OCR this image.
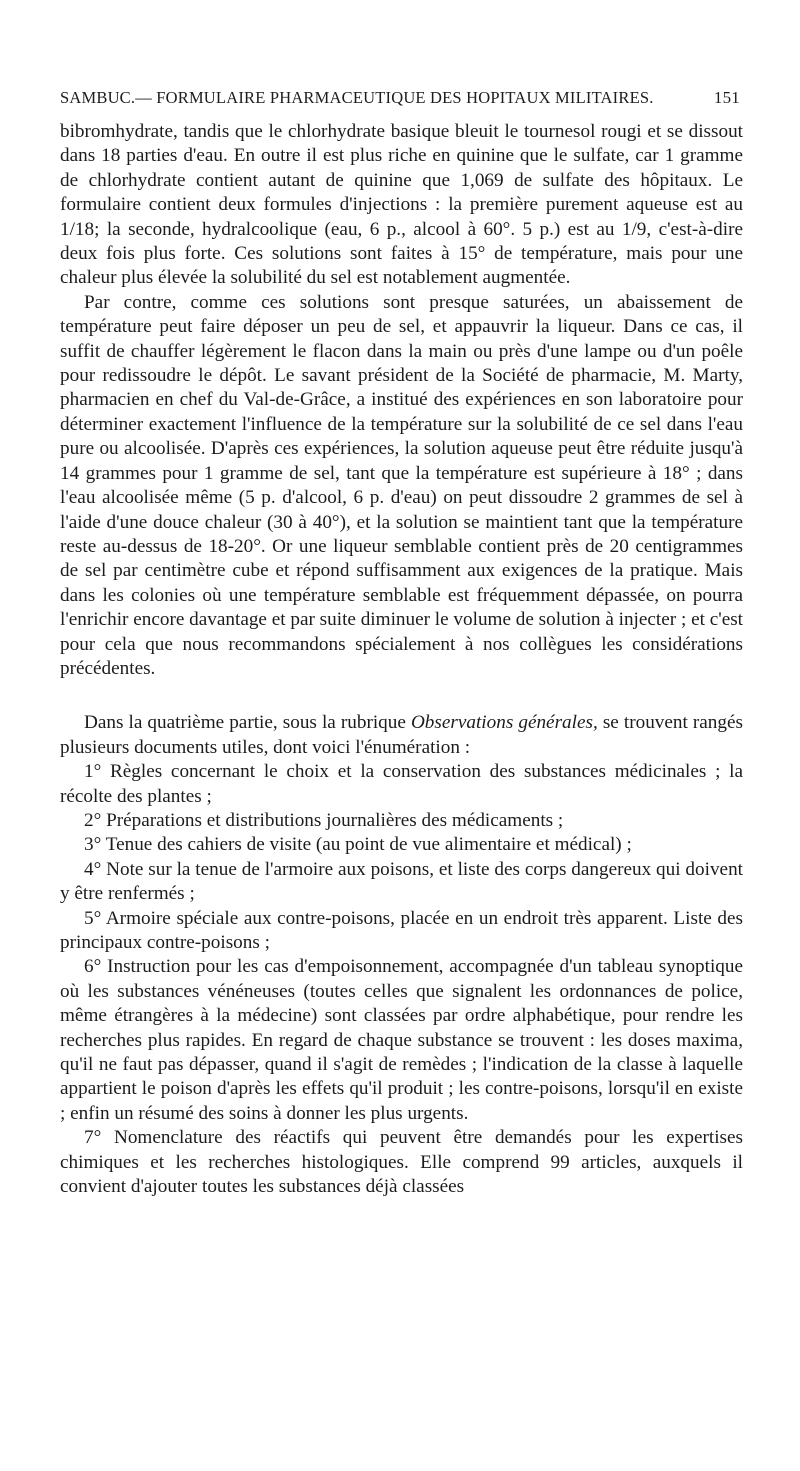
SAMBUC.— FORMULAIRE PHARMACEUTIQUE DES HOPITAUX MILITAIRES.	151

bibromhydrate, tandis que le chlorhydrate basique bleuit le tournesol rougi et se dissout dans 18 parties d'eau. En outre il est plus riche en quinine que le sulfate, car 1 gramme de chlorhydrate contient autant de quinine que 1,069 de sulfate des hôpitaux. Le formulaire contient deux formules d'injections : la première purement aqueuse est au 1/18; la seconde, hydralcoolique (eau, 6 p., alcool à 60°. 5 p.) est au 1/9, c'est-à-dire deux fois plus forte. Ces solutions sont faites à 15° de température, mais pour une chaleur plus élevée la solubilité du sel est notablement augmentée.

Par contre, comme ces solutions sont presque saturées, un abaissement de température peut faire déposer un peu de sel, et appauvrir la liqueur. Dans ce cas, il suffit de chauffer légèrement le flacon dans la main ou près d'une lampe ou d'un poêle pour redissoudre le dépôt. Le savant président de la Société de pharmacie, M. Marty, pharmacien en chef du Val-de-Grâce, a institué des expériences en son laboratoire pour déterminer exactement l'influence de la température sur la solubilité de ce sel dans l'eau pure ou alcoolisée. D'après ces expériences, la solution aqueuse peut être réduite jusqu'à 14 grammes pour 1 gramme de sel, tant que la température est supérieure à 18° ; dans l'eau alcoolisée même (5 p. d'alcool, 6 p. d'eau) on peut dissoudre 2 grammes de sel à l'aide d'une douce chaleur (30 à 40°), et la solution se maintient tant que la température reste au-dessus de 18-20°. Or une liqueur semblable contient près de 20 centigrammes de sel par centimètre cube et répond suffisamment aux exigences de la pratique. Mais dans les colonies où une température semblable est fréquemment dépassée, on pourra l'enrichir encore davantage et par suite diminuer le volume de solution à injecter ; et c'est pour cela que nous recommandons spécialement à nos collègues les considérations précédentes.

Dans la quatrième partie, sous la rubrique Observations générales, se trouvent rangés plusieurs documents utiles, dont voici l'énumération :

1° Règles concernant le choix et la conservation des substances médicinales ; la récolte des plantes ;

2° Préparations et distributions journalières des médicaments ;

3° Tenue des cahiers de visite (au point de vue alimentaire et médical) ;

4° Note sur la tenue de l'armoire aux poisons, et liste des corps dangereux qui doivent y être renfermés ;

5° Armoire spéciale aux contre-poisons, placée en un endroit très apparent. Liste des principaux contre-poisons ;

6° Instruction pour les cas d'empoisonnement, accompagnée d'un tableau synoptique où les substances vénéneuses (toutes celles que signalent les ordonnances de police, même étrangères à la médecine) sont classées par ordre alphabétique, pour rendre les recherches plus rapides. En regard de chaque substance se trouvent : les doses maxima, qu'il ne faut pas dépasser, quand il s'agit de remèdes ; l'indication de la classe à laquelle appartient le poison d'après les effets qu'il produit ; les contre-poisons, lorsqu'il en existe ; enfin un résumé des soins à donner les plus urgents.

7° Nomenclature des réactifs qui peuvent être demandés pour les expertises chimiques et les recherches histologiques. Elle comprend 99 articles, auxquels il convient d'ajouter toutes les substances déjà classées
